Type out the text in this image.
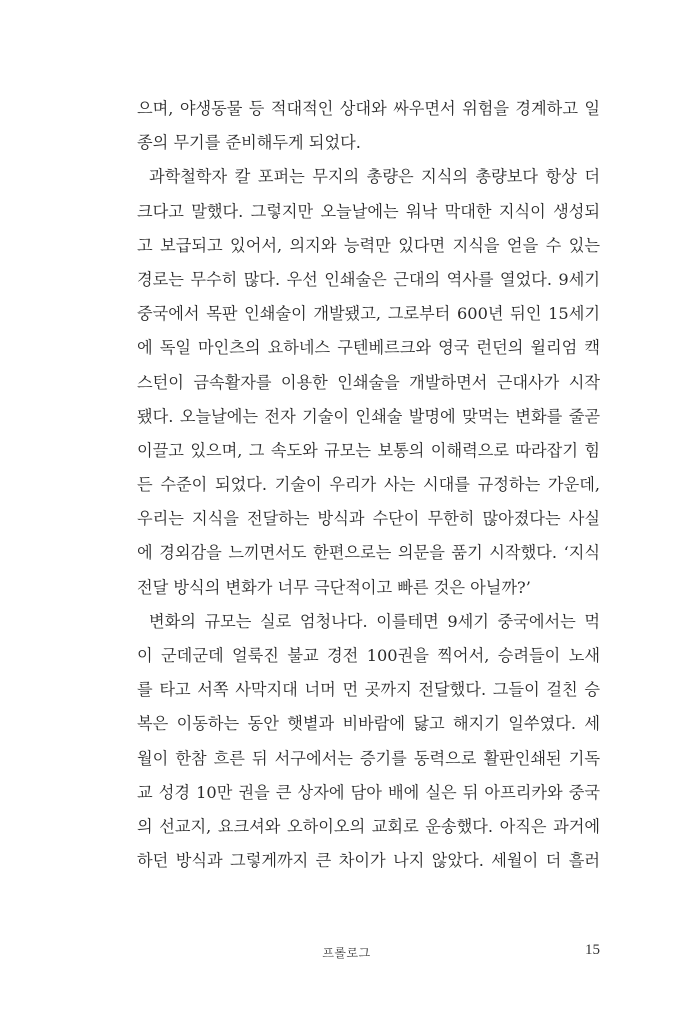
으며, 야생동물 등 적대적인 상대와 싸우면서 위험을 경계하고 일
종의 무기를 준비해두게 되었다.
과학철학자 칼 포퍼는 무지의 총량은 지식의 총량보다 항상 더
크다고 말했다. 그렇지만 오늘날에는 워낙 막대한 지식이 생성되
고 보급되고 있어서, 의지와 능력만 있다면 지식을 얻을 수 있는
경로는 무수히 많다. 우선 인쇄술은 근대의 역사를 열었다. 9세기
중국에서 목판 인쇄술이 개발됐고, 그로부터 600년 뒤인 15세기
에 독일 마인츠의 요하네스 구텐베르크와 영국 런던의 윌리엄 캑
스턴이 금속활자를 이용한 인쇄술을 개발하면서 근대사가 시작
됐다. 오늘날에는 전자 기술이 인쇄술 발명에 맞먹는 변화를 줄곧
이끌고 있으며, 그 속도와 규모는 보통의 이해력으로 따라잡기 힘
든 수준이 되었다. 기술이 우리가 사는 시대를 규정하는 가운데,
우리는 지식을 전달하는 방식과 수단이 무한히 많아졌다는 사실
에 경외감을 느끼면서도 한편으로는 의문을 품기 시작했다. ‘지식
전달 방식의 변화가 너무 극단적이고 빠른 것은 아닐까?’
변화의 규모는 실로 엄청나다. 이를테면 9세기 중국에서는 먹
이 군데군데 얼룩진 불교 경전 100권을 찍어서, 승려들이 노새
를 타고 서쪽 사막지대 너머 먼 곳까지 전달했다. 그들이 걸친 승
복은 이동하는 동안 햇볕과 비바람에 닳고 해지기 일쑤였다. 세
월이 한참 흐른 뒤 서구에서는 증기를 동력으로 활판인쇄된 기독
교 성경 10만 권을 큰 상자에 담아 배에 실은 뒤 아프리카와 중국
의 선교지, 요크셔와 오하이오의 교회로 운송했다. 아직은 과거에
하던 방식과 그렇게까지 큰 차이가 나지 않았다. 세월이 더 흘러
프롤로그	15
